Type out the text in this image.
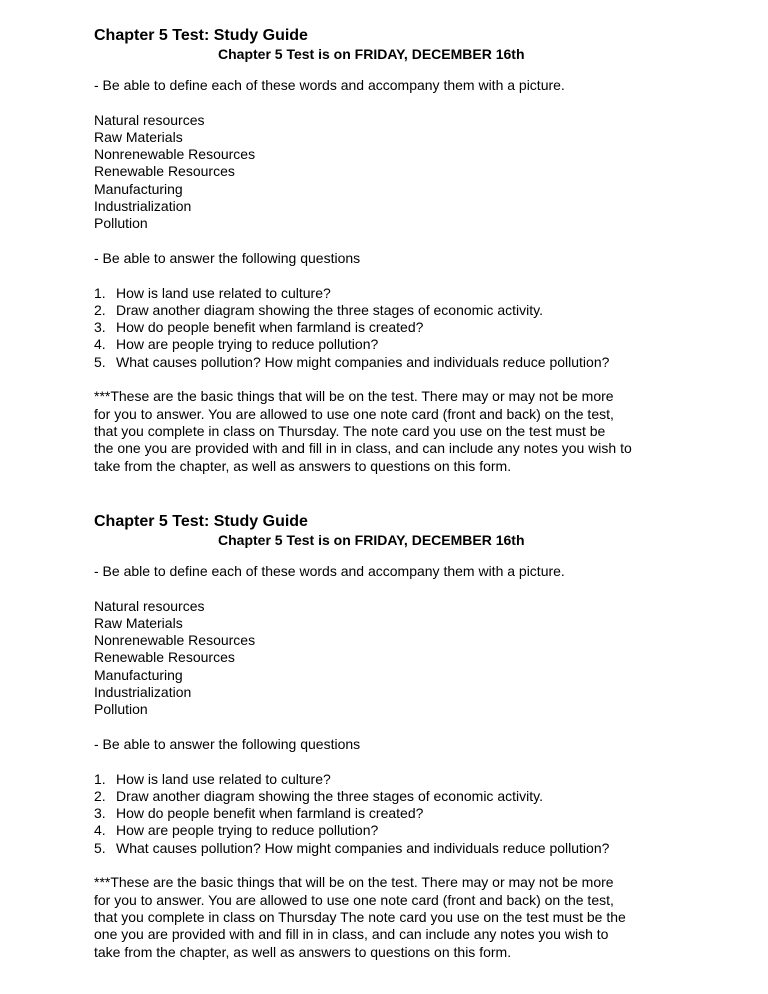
Chapter 5 Test: Study Guide

Chapter 5 Test is on FRIDAY, DECEMBER 16th

- Be able to define each of these words and accompany them with a picture.

Natural resources
Raw Materials
Nonrenewable Resources
Renewable Resources
Manufacturing
Industrialization
Pollution

- Be able to answer the following questions

1. How is land use related to culture?
2. Draw another diagram showing the three stages of economic activity.
3. How do people benefit when farmland is created?
4. How are people trying to reduce pollution?
5. What causes pollution? How might companies and individuals reduce pollution?

***These are the basic things that will be on the test. There may or may not be more

for you to answer. You are allowed to use one note card (front and back) on the test,

that you complete in class on Thursday. The note card you use on the test must be

the one you are provided with and fill in in class, and can include any notes you wish to

take from the chapter, as well as answers to questions on this form.

Chapter 5 Test: Study Guide

Chapter 5 Test is on FRIDAY, DECEMBER 16th

- Be able to define each of these words and accompany them with a picture.

Natural resources
Raw Materials
Nonrenewable Resources
Renewable Resources
Manufacturing
Industrialization
Pollution

- Be able to answer the following questions

1. How is land use related to culture?
2. Draw another diagram showing the three stages of economic activity.
3. How do people benefit when farmland is created?
4. How are people trying to reduce pollution?
5. What causes pollution? How might companies and individuals reduce pollution?

***These are the basic things that will be on the test. There may or may not be more

for you to answer. You are allowed to use one note card (front and back) on the test,

that you complete in class on Thursday The note card you use on the test must be the

one you are provided with and fill in in class, and can include any notes you wish to

take from the chapter, as well as answers to questions on this form.
